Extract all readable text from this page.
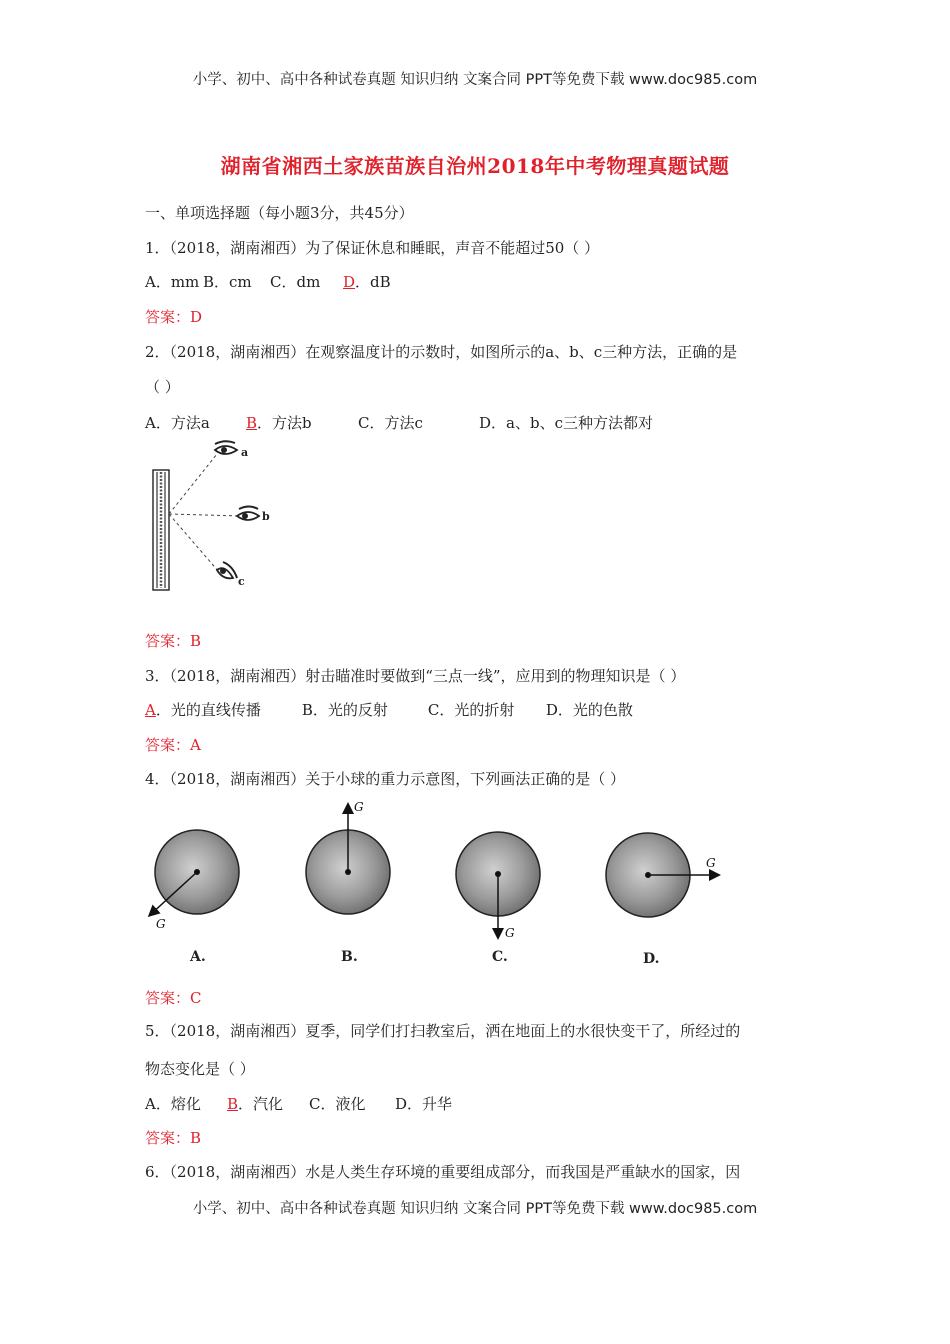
小学、初中、高中各种试卷真题 知识归纳 文案合同 PPT等免费下载 www.doc985.com
湖南省湘西土家族苗族自治州2018年中考物理真题试题
一、单项选择题（每小题3分，共45分）
1．（2018，湖南湘西）为了保证休息和睡眠，声音不能超过50（ ）
A．mm B．cm C．dm D．dB
答案：D
2．（2018，湖南湘西）在观察温度计的示数时，如图所示的a、b、c三种方法，正确的是
（ ）
A．方法a B．方法b	C．方法c	D．a、b、c三种方法都对
a
b
c
答案：B
3．（2018，湖南湘西）射击瞄准时要做到“三点一线”，应用到的物理知识是（ ）
A．光的直线传播	B．光的反射	C．光的折射 D．光的色散
答案：A
4．（2018，湖南湘西）关于小球的重力示意图，下列画法正确的是（ ）
G
A.
G
B.
G
C.
G
D.
答案：C
5．（2018，湖南湘西）夏季，同学们打扫教室后，洒在地面上的水很快变干了，所经过的
物态变化是（ ）
A．熔化 B．汽化 C．液化 D．升华
答案：B
6．（2018，湖南湘西）水是人类生存环境的重要组成部分，而我国是严重缺水的国家，因
小学、初中、高中各种试卷真题 知识归纳 文案合同 PPT等免费下载 www.doc985.com
